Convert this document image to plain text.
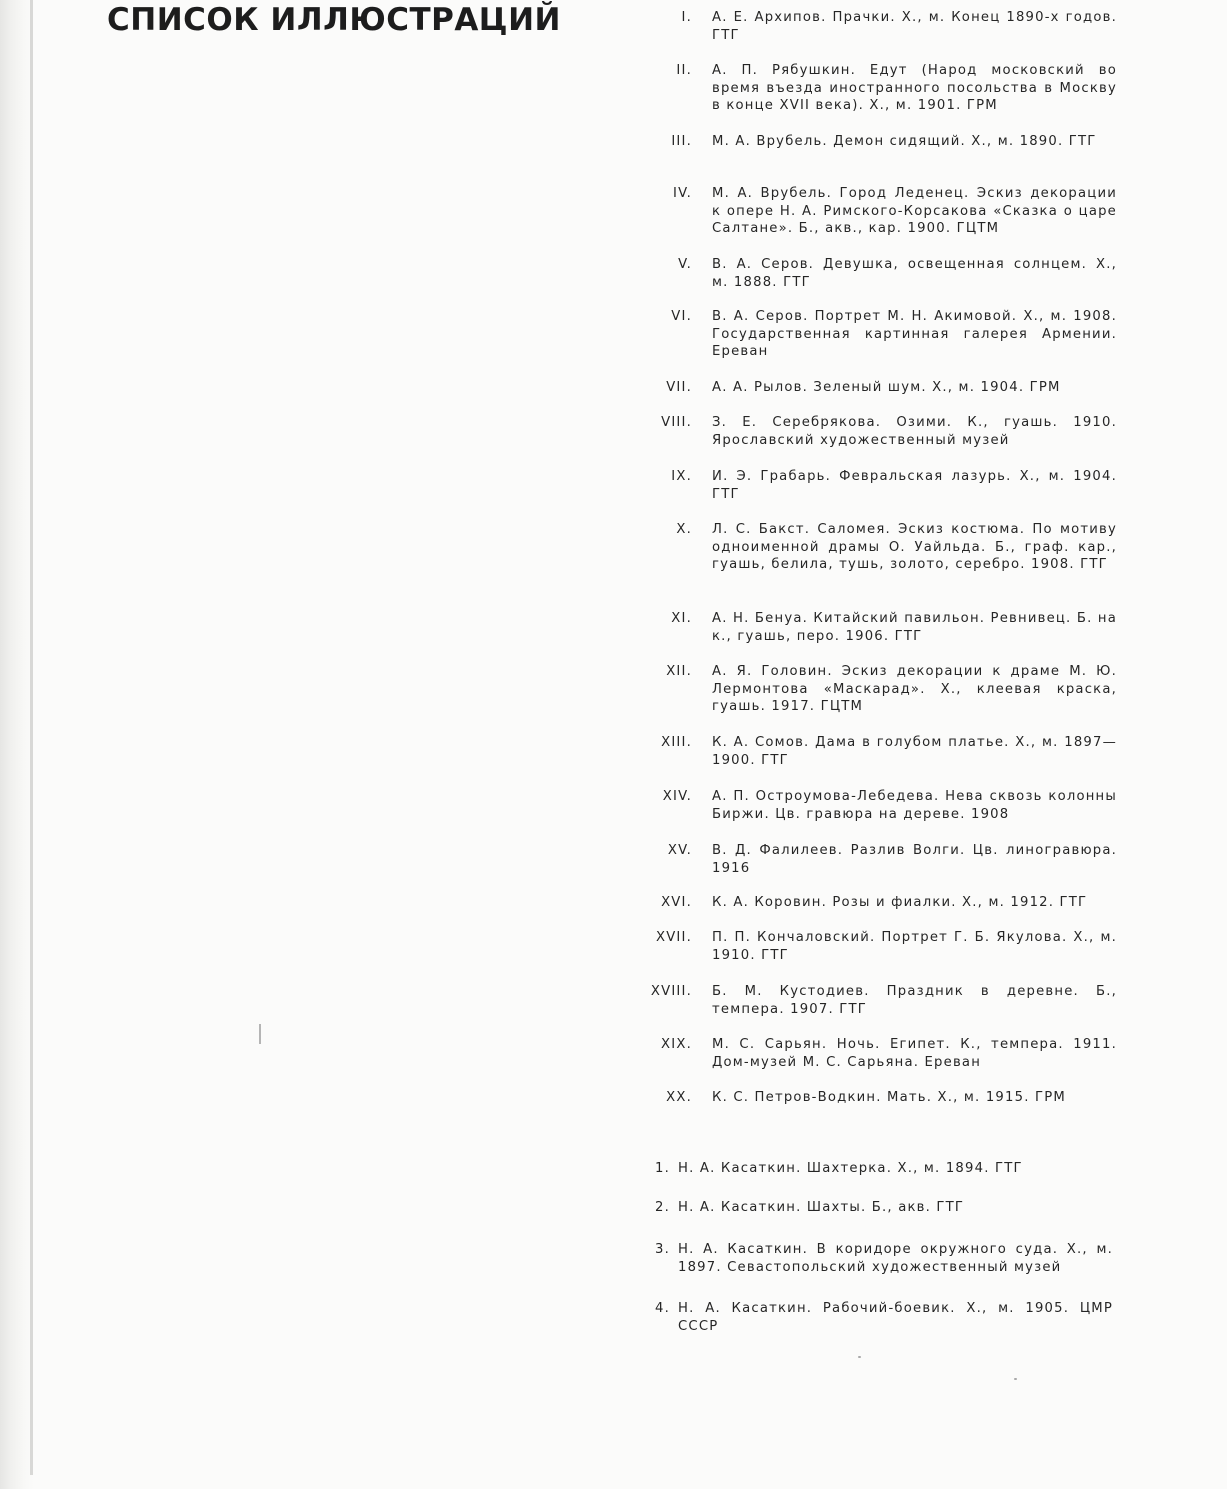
СПИСОК ИЛЛЮСТРАЦИЙ	I. А. Е. Архипов. Прачки. Х., м. Конец 1890-х годов. ГТГ
II. А. П. Рябушкин. Едут (Народ московский во время въезда иностранного посольства в Москву в конце XVII века). Х., м. 1901. ГРМ
III. М. А. Врубель. Демон сидящий. Х., м. 1890. ГТГ
IV. М. А. Врубель. Город Леденец. Эскиз декорации к опере Н. А. Римского-Корсакова «Сказка о царе Салтане». Б., акв., кар. 1900. ГЦТМ
V. В. А. Серов. Девушка, освещенная солнцем. Х., м. 1888. ГТГ
VI. В. А. Серов. Портрет М. Н. Акимовой. Х., м. 1908. Государственная картинная галерея Армении. Ереван
VII. А. А. Рылов. Зеленый шум. Х., м. 1904. ГРМ
VIII. З. Е. Серебрякова. Озими. К., гуашь. 1910. Ярославский художественный музей
IX. И. Э. Грабарь. Февральская лазурь. Х., м. 1904. ГТГ
X. Л. С. Бакст. Саломея. Эскиз костюма. По мотиву одноименной драмы О. Уайльда. Б., граф. кар., гуашь, белила, тушь, золото, серебро. 1908. ГТГ
XI. А. Н. Бенуа. Китайский павильон. Ревнивец. Б. на к., гуашь, перо. 1906. ГТГ
XII. А. Я. Головин. Эскиз декорации к драме М. Ю. Лермонтова «Маскарад». Х., клеевая краска, гуашь. 1917. ГЦТМ
XIII. К. А. Сомов. Дама в голубом платье. Х., м. 1897—1900. ГТГ
XIV. А. П. Остроумова-Лебедева. Нева сквозь колонны Биржи. Цв. гравюра на дереве. 1908
XV. В. Д. Фалилеев. Разлив Волги. Цв. линогравюра. 1916
XVI. К. А. Коровин. Розы и фиалки. Х., м. 1912. ГТГ
XVII. П. П. Кончаловский. Портрет Г. Б. Якулова. Х., м. 1910. ГТГ
XVIII. Б. М. Кустодиев. Праздник в деревне. Б., темпера. 1907. ГТГ
XIX. М. С. Сарьян. Ночь. Египет. К., темпера. 1911. Дом-музей М. С. Сарьяна. Ереван
XX. К. С. Петров-Водкин. Мать. Х., м. 1915. ГРМ
1. Н. А. Касаткин. Шахтерка. Х., м. 1894. ГТГ
2. Н. А. Касаткин. Шахты. Б., акв. ГТГ
3. Н. А. Касаткин. В коридоре окружного суда. Х., м. 1897. Севастопольский художественный музей
4. Н. А. Касаткин. Рабочий-боевик. Х., м. 1905. ЦМР СССР
